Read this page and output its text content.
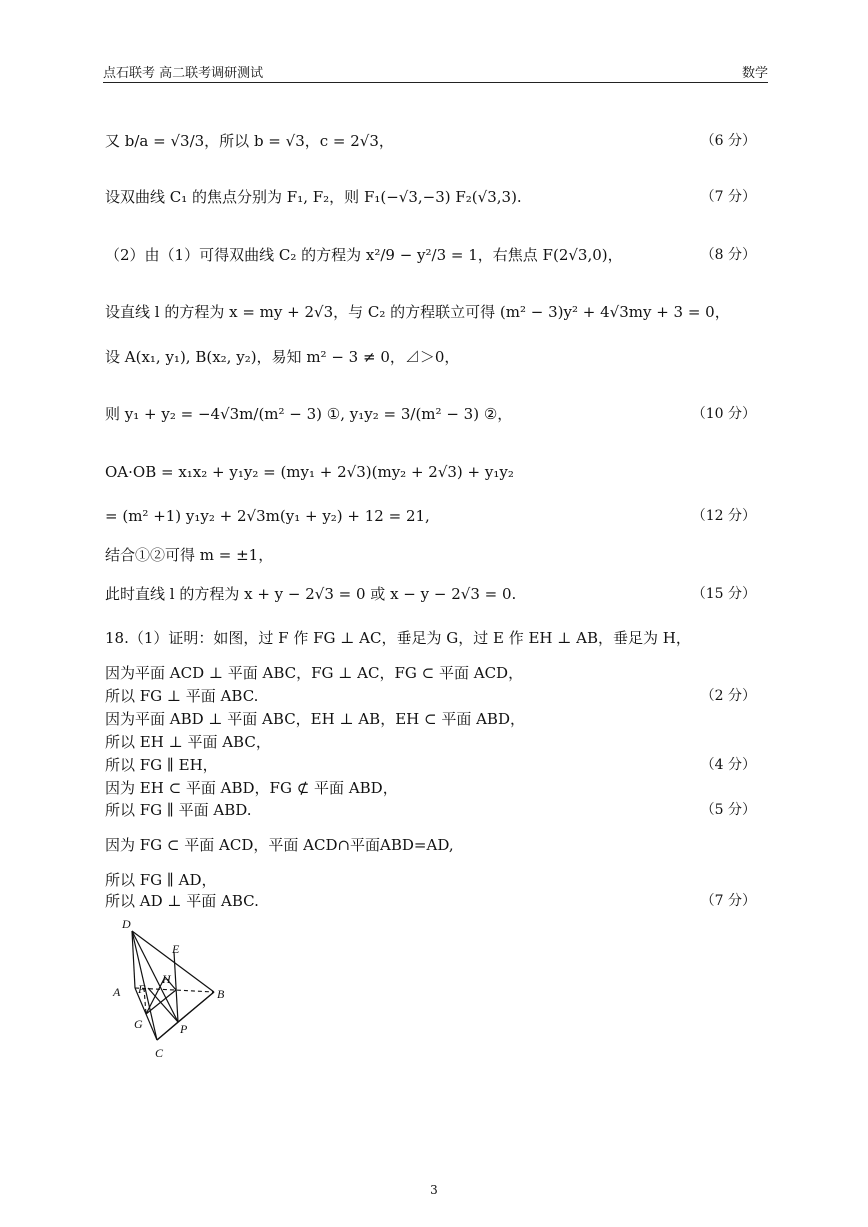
点石联考 高二联考调研测试	数学
又 b/a = √3/3，所以 b = √3，c = 2√3，	（6 分）
设双曲线 C₁ 的焦点分别为 F₁, F₂，则 F₁(−√3,−3) F₂(√3,3).	（7 分）
（2）由（1）可得双曲线 C₂ 的方程为 x²/9 − y²/3 = 1，右焦点 F(2√3,0)，	（8 分）
设直线 l 的方程为 x = my + 2√3，与 C₂ 的方程联立可得 (m² − 3)y² + 4√3my + 3 = 0，
设 A(x₁, y₁), B(x₂, y₂)，易知 m² − 3 ≠ 0，⊿＞0，
则 y₁ + y₂ = −4√3m/(m² − 3) ①, y₁y₂ = 3/(m² − 3) ②，	（10 分）
OA·OB = x₁x₂ + y₁y₂ = (my₁ + 2√3)(my₂ + 2√3) + y₁y₂
= (m² +1) y₁y₂ + 2√3m(y₁ + y₂) + 12 = 21,	（12 分）
结合①②可得 m = ±1，
此时直线 l 的方程为 x + y − 2√3 = 0 或 x − y − 2√3 = 0.	（15 分）
18.（1）证明：如图，过 F 作 FG ⊥ AC，垂足为 G，过 E 作 EH ⊥ AB，垂足为 H，
因为平面 ACD ⊥ 平面 ABC，FG ⊥ AC，FG ⊂ 平面 ACD，
所以 FG ⊥ 平面 ABC.	（2 分）
因为平面 ABD ⊥ 平面 ABC，EH ⊥ AB，EH ⊂ 平面 ABD，
所以 EH ⊥ 平面 ABC，
所以 FG ∥ EH，	（4 分）
因为 EH ⊂ 平面 ABD，FG ⊄ 平面 ABD，
所以 FG ∥ 平面 ABD.	（5 分）
因为 FG ⊂ 平面 ACD，平面 ACD∩平面ABD=AD,
所以 FG ∥ AD，
所以 AD ⊥ 平面 ABC.	（7 分）
D
E
H
A	B
F
G	P
C
3
